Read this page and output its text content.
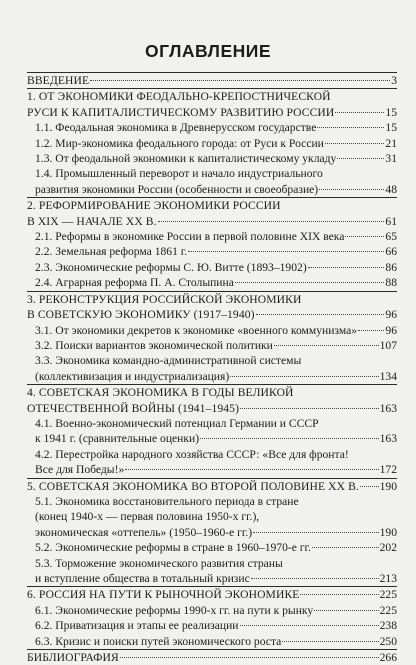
ОГЛАВЛЕНИЕ
ВВЕДЕНИЕ	3
1. ОТ ЭКОНОМИКИ ФЕОДАЛЬНО-КРЕПОСТНИЧЕСКОЙ
РУСИ К КАПИТАЛИСТИЧЕСКОМУ РАЗВИТИЮ РОССИИ	15
1.1. Феодальная экономика в Древнерусском государстве	15
1.2. Мир-экономика феодального города: от Руси к России	21
1.3. От феодальной экономики к капиталистическому укладу	31
1.4. Промышленный переворот и начало индустриального
развития экономики России (особенности и своеобразие)	48
2. РЕФОРМИРОВАНИЕ ЭКОНОМИКИ РОССИИ
В XIX — НАЧАЛЕ XX В.	61
2.1. Реформы в экономике России в первой половине XIX века	65
2.2. Земельная реформа 1861 г.	66
2.3. Экономические реформы С. Ю. Витте (1893–1902)	86
2.4. Аграрная реформа П. А. Столыпина	88
3. РЕКОНСТРУКЦИЯ РОССИЙСКОЙ ЭКОНОМИКИ
В СОВЕТСКУЮ ЭКОНОМИКУ (1917–1940)	96
3.1. От экономики декретов к экономике «военного коммунизма» 96
3.2. Поиски вариантов экономической политики	107
3.3. Экономика командно-административной системы
(коллективизация и индустриализация)	134
4. СОВЕТСКАЯ ЭКОНОМИКА В ГОДЫ ВЕЛИКОЙ
ОТЕЧЕСТВЕННОЙ ВОЙНЫ (1941–1945)	163
4.1. Военно-экономический потенциал Германии и СССР
к 1941 г. (сравнительные оценки)	163
4.2. Перестройка народного хозяйства СССР: «Все для фронта!
Все для Победы!»	172
5. СОВЕТСКАЯ ЭКОНОМИКА ВО ВТОРОЙ ПОЛОВИНЕ XX В. 190
5.1. Экономика восстановительного периода в стране
(конец 1940-х — первая половина 1950-х гг.),
экономическая «оттепель» (1950–1960-е гг.)	190
5.2. Экономические реформы в стране в 1960–1970-е гг.	202
5.3. Торможение экономического развития страны
и вступление общества в тотальный кризис	213
6. РОССИЯ НА ПУТИ К РЫНОЧНОЙ ЭКОНОМИКЕ	225
6.1. Экономические реформы 1990-х гг. на пути к рынку	225
6.2. Приватизация и этапы ее реализации	238
6.3. Кризис и поиски путей экономического роста	250
БИБЛИОГРАФИЯ	266
